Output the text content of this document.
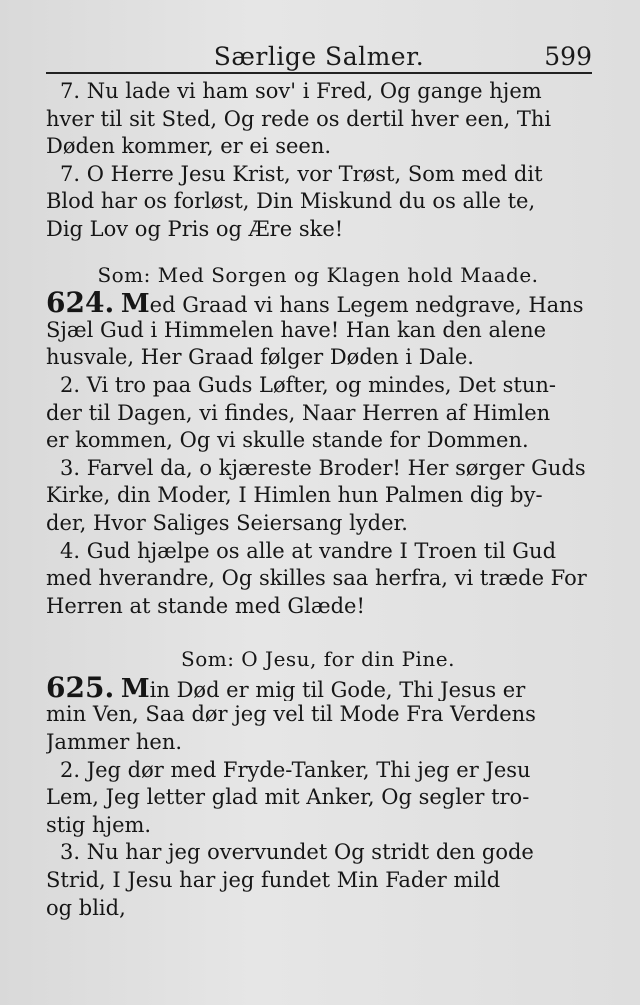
Særlige Salmer.	599
7. Nu lade vi ham sov' i Fred, Og gange hjem
hver til sit Sted, Og rede os dertil hver een, Thi
Døden kommer, er ei seen.
7. O Herre Jesu Krist, vor Trøst, Som med dit
Blod har os forløst, Din Miskund du os alle te,
Dig Lov og Pris og Ære ske!
Som: Med Sorgen og Klagen hold Maade.
624. Med Graad vi hans Legem nedgrave, Hans
Sjæl Gud i Himmelen have! Han kan den alene
husvale, Her Graad følger Døden i Dale.
2. Vi tro paa Guds Løfter, og mindes, Det stun-
der til Dagen, vi findes, Naar Herren af Himlen
er kommen, Og vi skulle stande for Dommen.
3. Farvel da, o kjæreste Broder! Her sørger Guds
Kirke, din Moder, I Himlen hun Palmen dig by-
der, Hvor Saliges Seiersang lyder.
4. Gud hjælpe os alle at vandre I Troen til Gud
med hverandre, Og skilles saa herfra, vi træde For
Herren at stande med Glæde!
Som: O Jesu, for din Pine.
625. Min Død er mig til Gode, Thi Jesus er
min Ven, Saa dør jeg vel til Mode Fra Verdens
Jammer hen.
2. Jeg dør med Fryde-Tanker, Thi jeg er Jesu
Lem, Jeg letter glad mit Anker, Og segler tro-
stig hjem.
3. Nu har jeg overvundet Og stridt den gode
Strid, I Jesu har jeg fundet Min Fader mild
og blid,
